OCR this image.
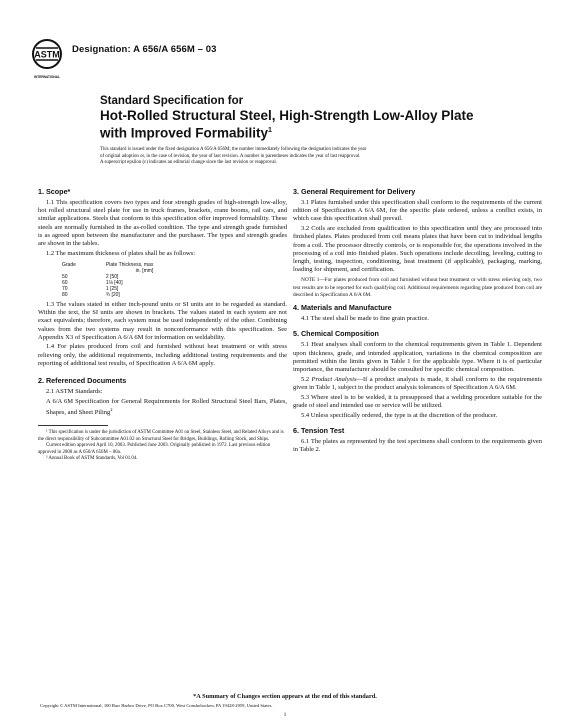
ASTM
INTERNATIONAL
Designation: A 656/A 656M – 03
Standard Specification for
Hot-Rolled Structural Steel, High-Strength Low-Alloy Plate
with Improved Formability$^1$
This standard is issued under the fixed designation A 656/A 656M; the number immediately following the designation indicates the year
of original adoption or, in the case of revision, the year of last revision. A number in parentheses indicates the year of last reapproval.
A superscript epsilon (ε) indicates an editorial change since the last revision or reapproval.
1. Scope*

1.1 This specification covers two types and four strength grades of high-strength low-alloy, hot rolled structural steel plate for use in truck frames, brackets, crane booms, rail cars, and similar applications. Steels that conform to this specification offer improved formability. These steels are normally furnished in the as-rolled condition. The type and strength grade furnished is as agreed upon between the manufacturer and the purchaser. The types and strength grades are shown in the tables.

1.2 The maximum thickness of plates shall be as follows:

Grade	Plate Thickness, max
in. [mm]

50	2 [50]
60	1⅛ [40]
70	1 [25]
80	¾ [20]

1.3 The values stated in either inch-pound units or SI units are to be regarded as standard. Within the text, the SI units are shown in brackets. The values stated in each system are not exact equivalents; therefore, each system must be used independently of the other. Combining values from the two systems may result in nonconformance with this specification. See Appendix X3 of Specification A 6/A 6M for information on weldability.

1.4 For plates produced from coil and furnished without heat treatment or with stress relieving only, the additional requirements, including additional testing requirements and the reporting of additional test results, of Specification A 6/A 6M apply.

2. Referenced Documents

2.1 ASTM Standards:

A 6/A 6M Specification for General Requirements for Rolled Structural Steel Bars, Plates, Shapes, and Sheet Piling$^2$

¹ This specification is under the jurisdiction of ASTM Committee A01 on Steel, Stainless Steel, and Related Alloys and is the direct responsibility of Subcommittee A01.02 on Structural Steel for Bridges, Buildings, Rolling Stock, and Ships.
Current edition approved April 10, 2003. Published June 2003. Originally published in 1972. Last previous edition approved in 2000 as A 656/A 656M – 00a.
² Annual Book of ASTM Standards, Vol 01.04.
3. General Requirement for Delivery

3.1 Plates furnished under this specification shall conform to the requirements of the current edition of Specification A 6/A 6M, for the specific plate ordered, unless a conflict exists, in which case this specification shall prevail.

3.2 Coils are excluded from qualification to this specification until they are processed into finished plates. Plates produced from coil means plates that have been cut to individual lengths from a coil. The processor directly controls, or is responsible for, the operations involved in the processing of a coil into finished plates. Such operations include decoiling, leveling, cutting to length, testing, inspection, conditioning, heat treatment (if applicable), packaging, marking, loading for shipment, and certification.

NOTE 1—For plates produced from coil and furnished without heat treatment or with stress relieving only, two test results are to be reported for each qualifying coil. Additional requirements regarding plate produced from coil are described in Specification A 6/A 6M.

4. Materials and Manufacture

4.1 The steel shall be made to fine grain practice.

5. Chemical Composition

5.1 Heat analyses shall conform to the chemical requirements given in Table 1. Dependent upon thickness, grade, and intended application, variations in the chemical composition are permitted within the limits given in Table 1 for the applicable type. Where it is of particular importance, the manufacturer should be consulted for specific chemical composition.

5.2 Product Analysis—If a product analysis is made, it shall conform to the requirements given in Table 1, subject to the product analysis tolerances of Specification A 6/A 6M.

5.3 Where steel is to be welded, it is presupposed that a welding procedure suitable for the grade of steel and intended use or service will be utilized.

5.4 Unless specifically ordered, the type is at the discretion of the producer.

6. Tension Test

6.1 The plates as represented by the test specimens shall conform to the requirements given in Table 2.

*A Summary of Changes section appears at the end of this standard.
Copyright © ASTM International, 100 Barr Harbor Drive, PO Box C700, West Conshohocken, PA 19428-2959, United States.
1
